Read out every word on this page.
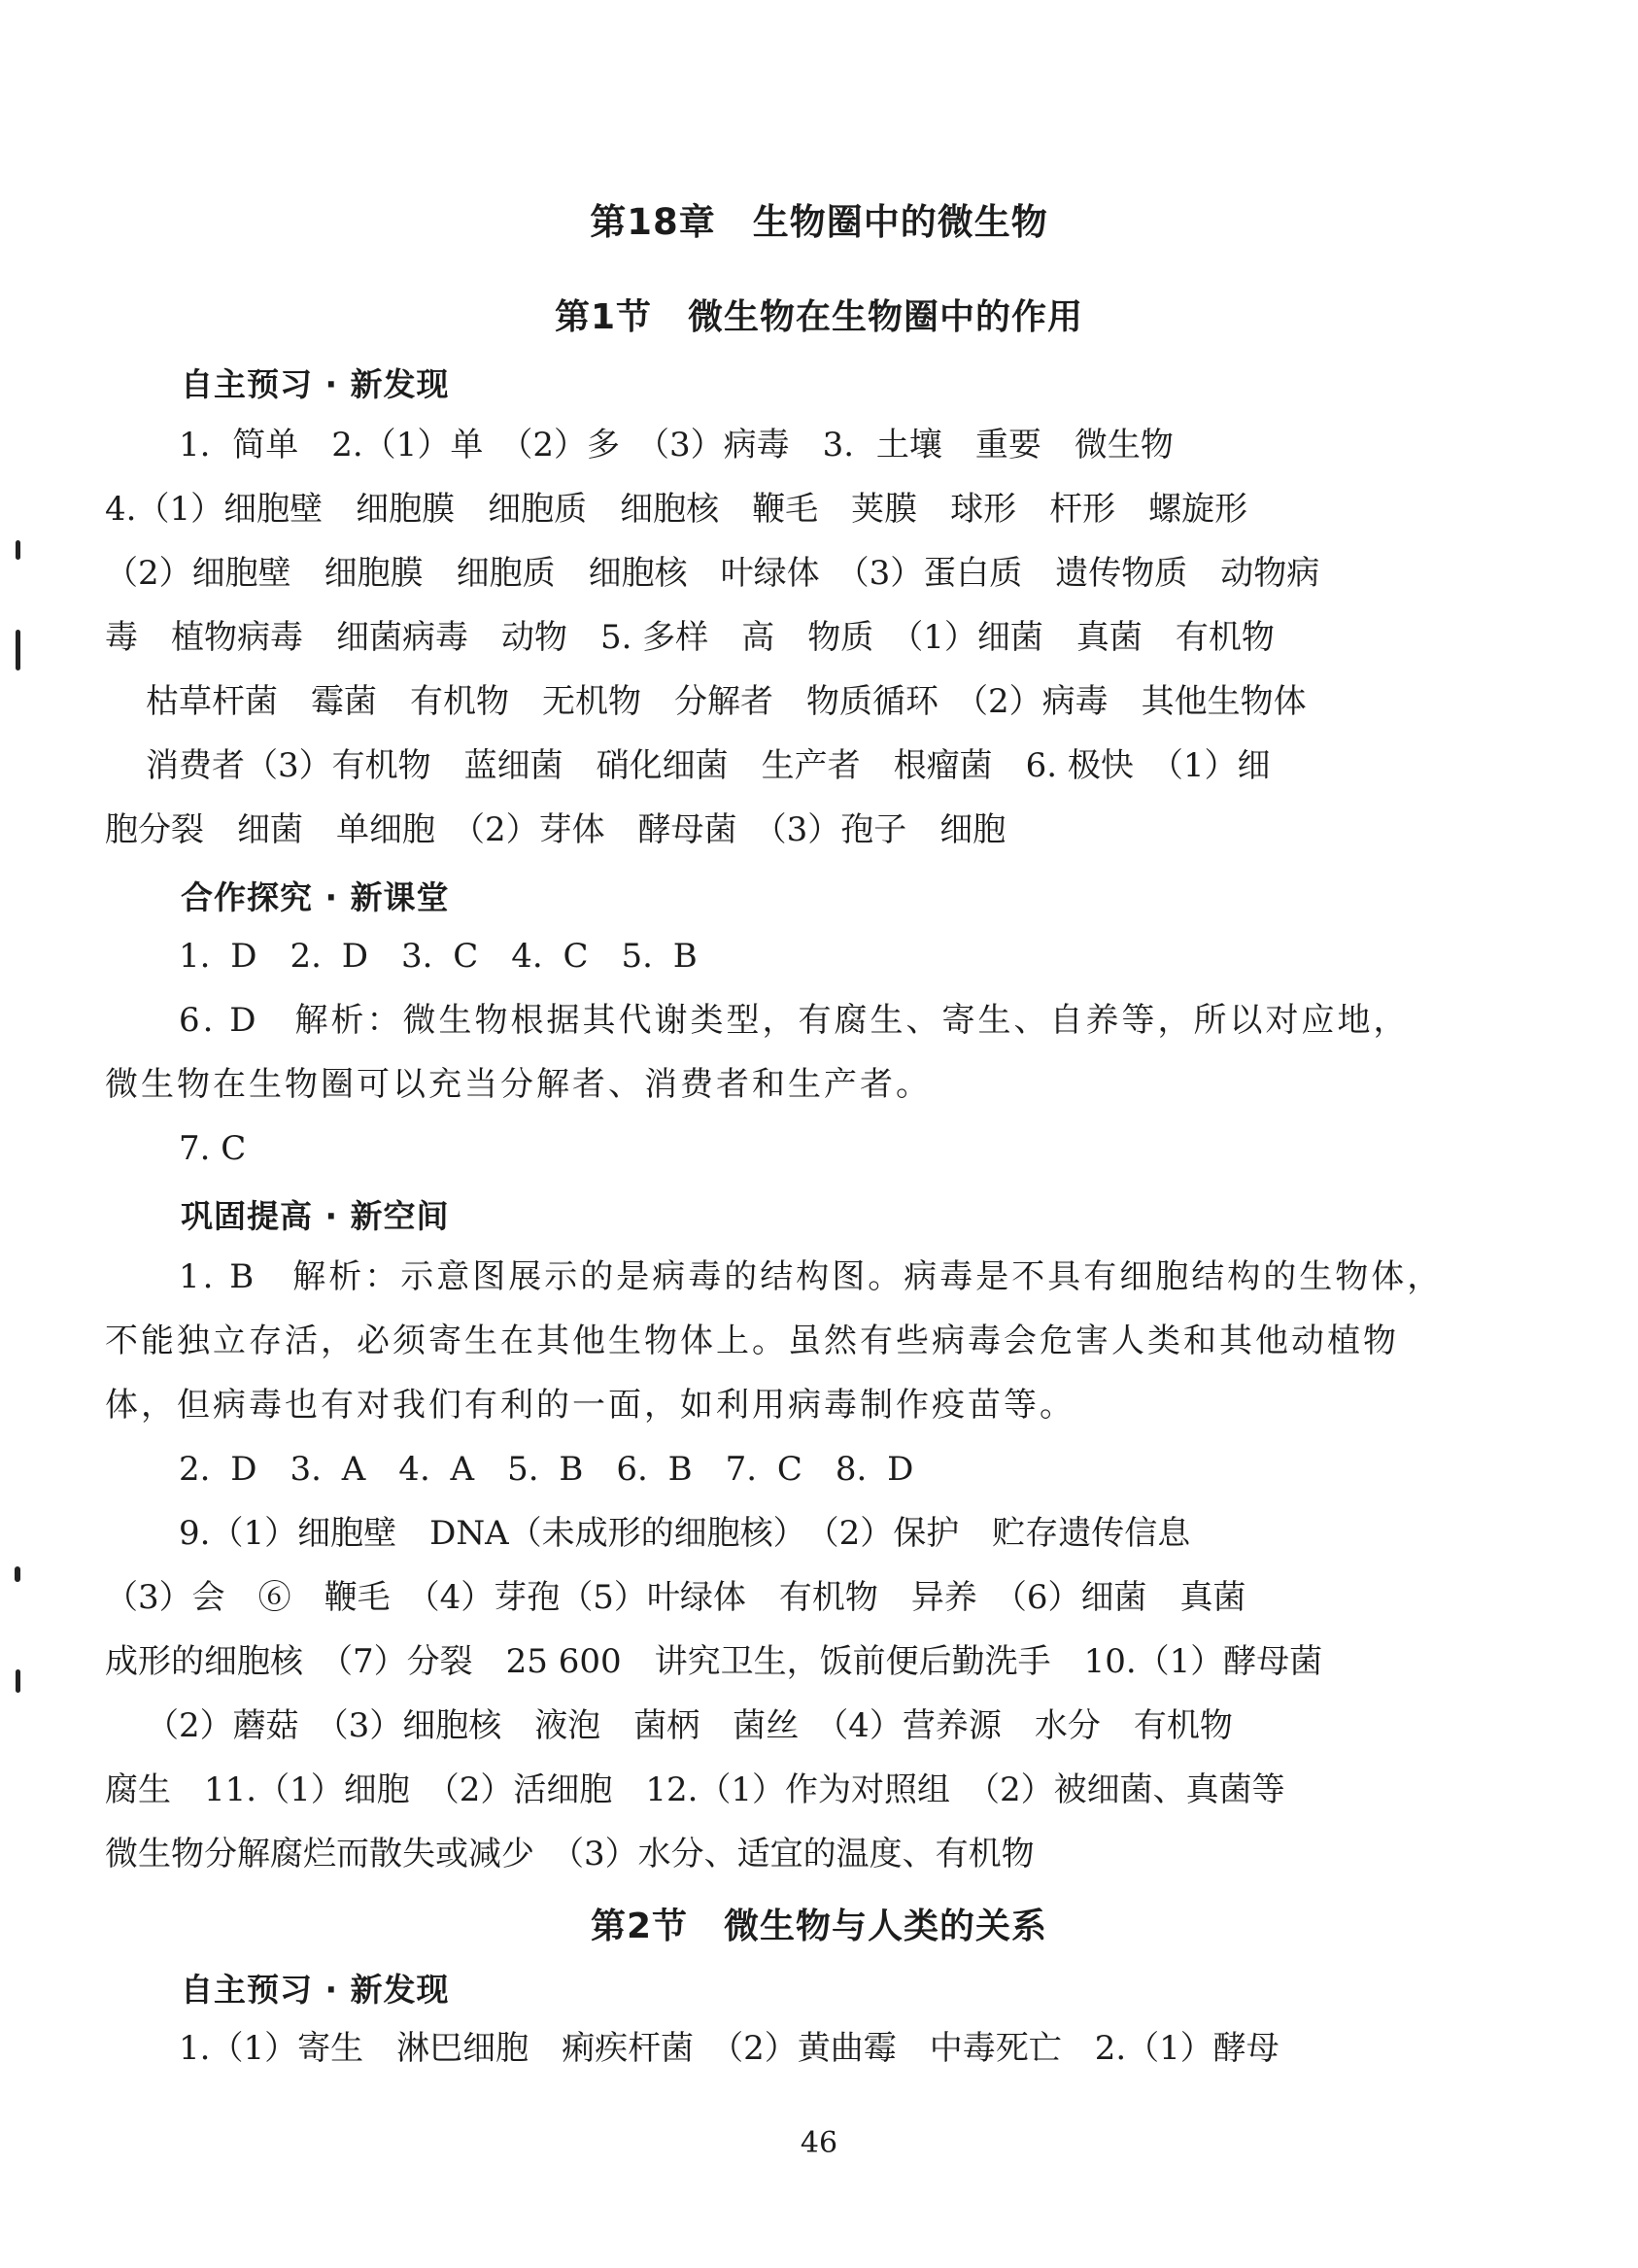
第18章　生物圈中的微生物
第1节　微生物在生物圈中的作用
自主预习 · 新发现
1. 简单　2.（1）单　（2）多　（3）病毒　3. 土壤　重要　微生物
4.（1）细胞壁　细胞膜　细胞质　细胞核　鞭毛　荚膜　球形　杆形　螺旋形
（2）细胞壁　细胞膜　细胞质　细胞核　叶绿体　（3）蛋白质　遗传物质　动物病
毒　植物病毒　细菌病毒　动物　5. 多样　高　物质　（1）细菌　真菌　有机物
枯草杆菌　霉菌　有机物　无机物　分解者　物质循环　（2）病毒　其他生物体
消费者（3）有机物　蓝细菌　硝化细菌　生产者　根瘤菌　6. 极快　（1）细
胞分裂　细菌　单细胞　（2）芽体　酵母菌　（3）孢子　细胞
合作探究 · 新课堂
1. D　2. D　3. C　4. C　5. B
6. D　解析：微生物根据其代谢类型，有腐生、寄生、自养等，所以对应地，
微生物在生物圈可以充当分解者、消费者和生产者。
7. C
巩固提高 · 新空间
1. B　解析：示意图展示的是病毒的结构图。病毒是不具有细胞结构的生物体，
不能独立存活，必须寄生在其他生物体上。虽然有些病毒会危害人类和其他动植物
体，但病毒也有对我们有利的一面，如利用病毒制作疫苗等。
2. D　3. A　4. A　5. B　6. B　7. C　8. D
9.（1）细胞壁　DNA（未成形的细胞核）　（2）保护　贮存遗传信息
（3）会　⑥　鞭毛　（4）芽孢（5）叶绿体　有机物　异养　（6）细菌　真菌
成形的细胞核　（7）分裂　25 600　讲究卫生，饭前便后勤洗手　10.（1）酵母菌
（2）蘑菇　（3）细胞核　液泡　菌柄　菌丝　（4）营养源　水分　有机物
腐生　11.（1）细胞　（2）活细胞　12.（1）作为对照组　（2）被细菌、真菌等
微生物分解腐烂而散失或减少　（3）水分、适宜的温度、有机物
第2节　微生物与人类的关系
自主预习 · 新发现
1.（1）寄生　淋巴细胞　痢疾杆菌　（2）黄曲霉　中毒死亡　2.（1）酵母
46
